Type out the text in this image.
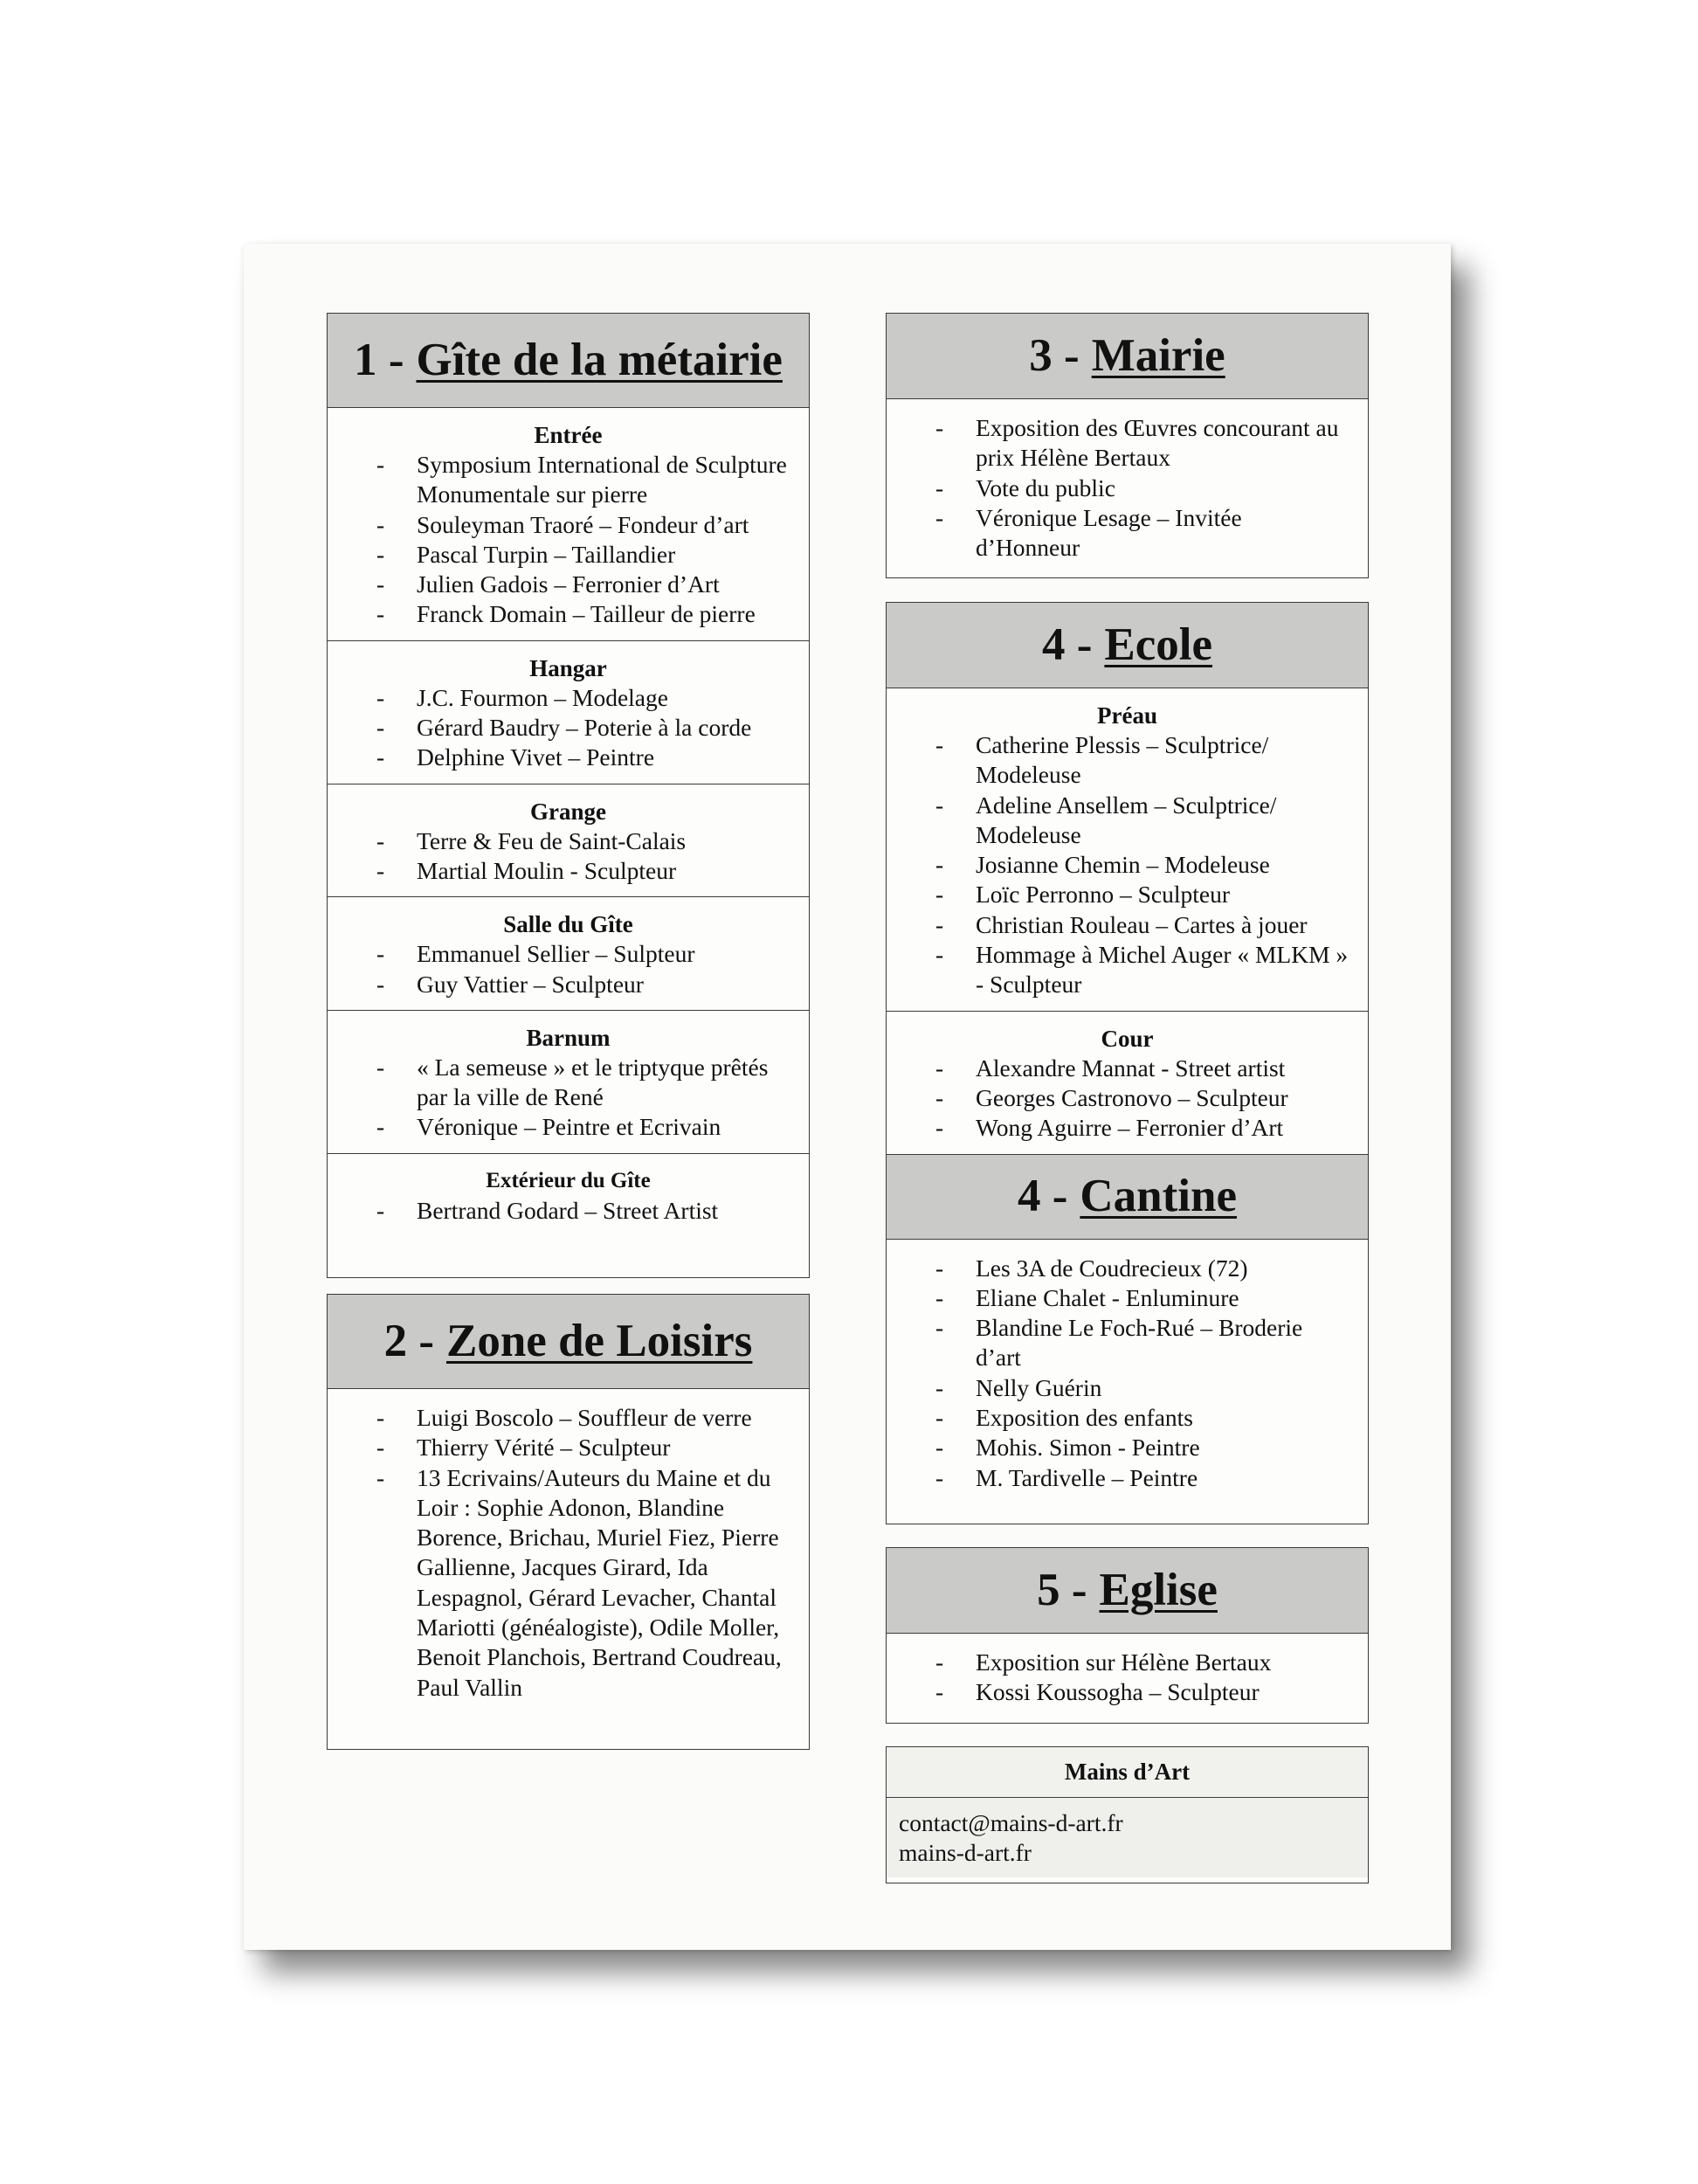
1 - Gîte de la métairie
Entrée
- Symposium International de Sculpture Monumentale sur pierre
- Souleyman Traoré – Fondeur d’art
- Pascal Turpin – Taillandier
- Julien Gadois – Ferronier d’Art
- Franck Domain – Tailleur de pierre
Hangar
- J.C. Fourmon – Modelage
- Gérard Baudry – Poterie à la corde
- Delphine Vivet – Peintre
Grange
- Terre & Feu de Saint-Calais
- Martial Moulin - Sculpteur
Salle du Gîte
- Emmanuel Sellier – Sulpteur
- Guy Vattier – Sculpteur
Barnum
- « La semeuse » et le triptyque prêtés par la ville de René
- Véronique – Peintre et Ecrivain
Extérieur du Gîte
- Bertrand Godard – Street Artist
2 - Zone de Loisirs
- Luigi Boscolo – Souffleur de verre
- Thierry Vérité – Sculpteur
- 13 Ecrivains/Auteurs du Maine et du Loir : Sophie Adonon, Blandine Borence, Brichau, Muriel Fiez, Pierre Gallienne, Jacques Girard, Ida Lespagnol, Gérard Levacher, Chantal Mariotti (généalogiste), Odile Moller, Benoit Planchois, Bertrand Coudreau, Paul Vallin
3 - Mairie
- Exposition des Œuvres concourant au prix Hélène Bertaux
- Vote du public
- Véronique Lesage – Invitée d’Honneur
4 - Ecole
Préau
- Catherine Plessis – Sculptrice/ Modeleuse
- Adeline Ansellem – Sculptrice/ Modeleuse
- Josianne Chemin – Modeleuse
- Loïc Perronno – Sculpteur
- Christian Rouleau – Cartes à jouer
- Hommage à Michel Auger « MLKM » - Sculpteur
Cour
- Alexandre Mannat - Street artist
- Georges Castronovo – Sculpteur
- Wong Aguirre – Ferronier d’Art
4 - Cantine
- Les 3A de Coudrecieux (72)
- Eliane Chalet - Enluminure
- Blandine Le Foch-Rué – Broderie d’art
- Nelly Guérin
- Exposition des enfants
- Mohis. Simon - Peintre
- M. Tardivelle – Peintre
5 - Eglise
- Exposition sur Hélène Bertaux
- Kossi Koussogha – Sculpteur
Mains d’Art
contact@mains-d-art.fr
mains-d-art.fr
